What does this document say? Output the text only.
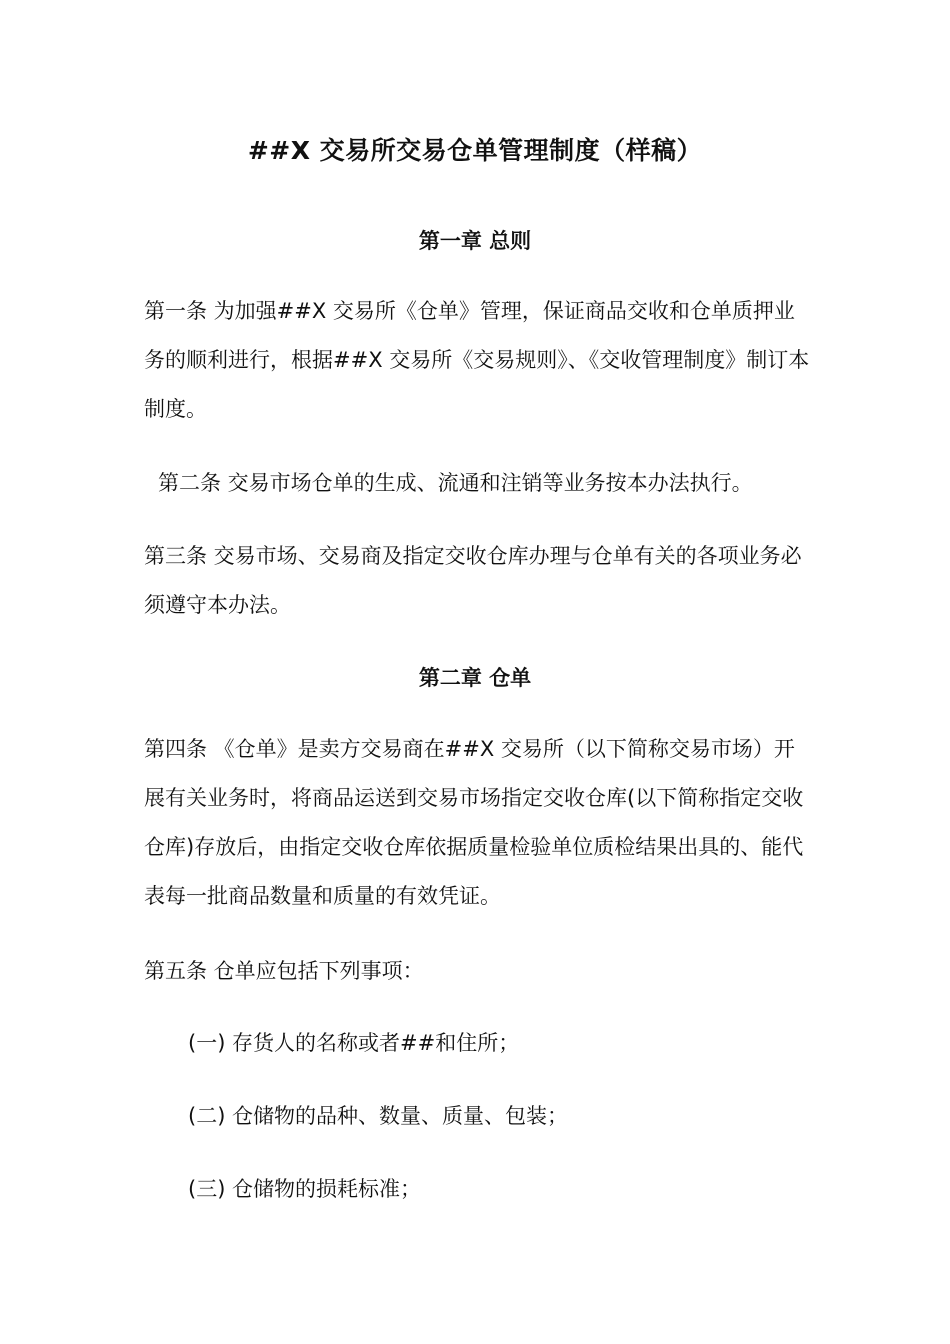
##X 交易所交易仓单管理制度（样稿）
第一章 总则

第一条 为加强##X 交易所《仓单》管理，保证商品交收和仓单质押业务的顺利进行，根据##X 交易所《交易规则》、《交收管理制度》制订本制度。

第二条 交易市场仓单的生成、流通和注销等业务按本办法执行。

第三条 交易市场、交易商及指定交收仓库办理与仓单有关的各项业务必须遵守本办法。

第二章 仓单

第四条 《仓单》是卖方交易商在##X 交易所（以下简称交易市场）开展有关业务时，将商品运送到交易市场指定交收仓库(以下简称指定交收仓库)存放后，由指定交收仓库依据质量检验单位质检结果出具的、能代表每一批商品数量和质量的有效凭证。

第五条 仓单应包括下列事项：

(一) 存货人的名称或者##和住所；
(二) 仓储物的品种、数量、质量、包装；
(三) 仓储物的损耗标准；
